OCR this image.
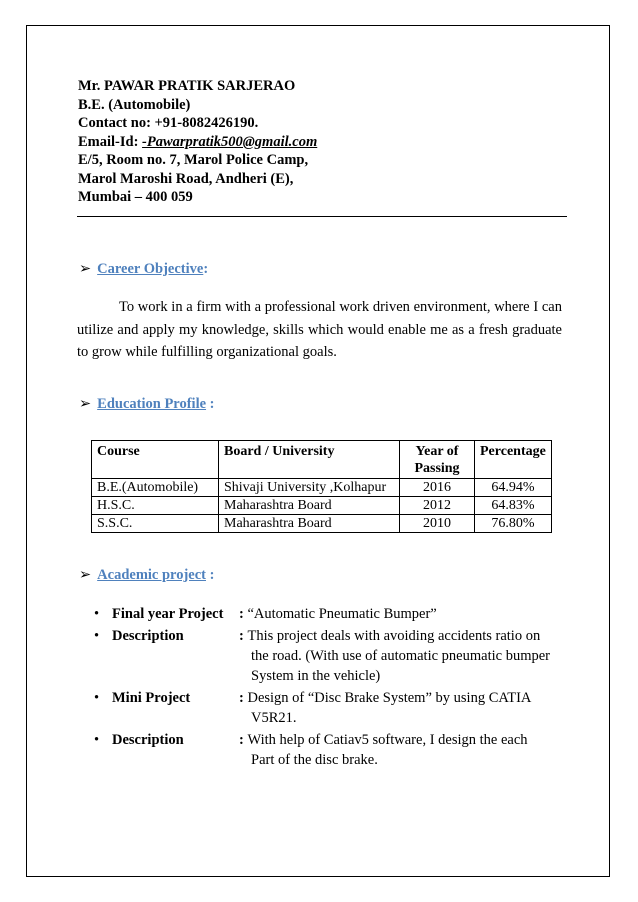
Mr. PAWAR PRATIK SARJERAO
B.E. (Automobile)
Contact no: +91-8082426190.
Email-Id: -Pawarpratik500@gmail.com
E/5, Room no. 7, Marol Police Camp,
Marol Maroshi Road, Andheri (E),
Mumbai – 400 059
➢ Career Objective:
To work in a firm with a professional work driven environment, where I can utilize and apply my knowledge, skills which would enable me as a fresh graduate to grow while fulfilling organizational goals.
➢ Education Profile :
Course	Board / University	Year of Passing	Percentage
B.E.(Automobile)	Shivaji University ,Kolhapur	2016	64.94%
H.S.C.	Maharashtra Board	2012	64.83%
S.S.C.	Maharashtra Board	2010	76.80%
➢ Academic project :
• Final year Project : “Automatic Pneumatic Bumper”
• Description	: This project deals with avoiding accidents ratio on
the road. (With use of automatic pneumatic bumper
System in the vehicle)
• Mini Project	: Design of “Disc Brake System” by using CATIA
V5R21.
• Description	: With help of Catiav5 software, I design the each
Part of the disc brake.
